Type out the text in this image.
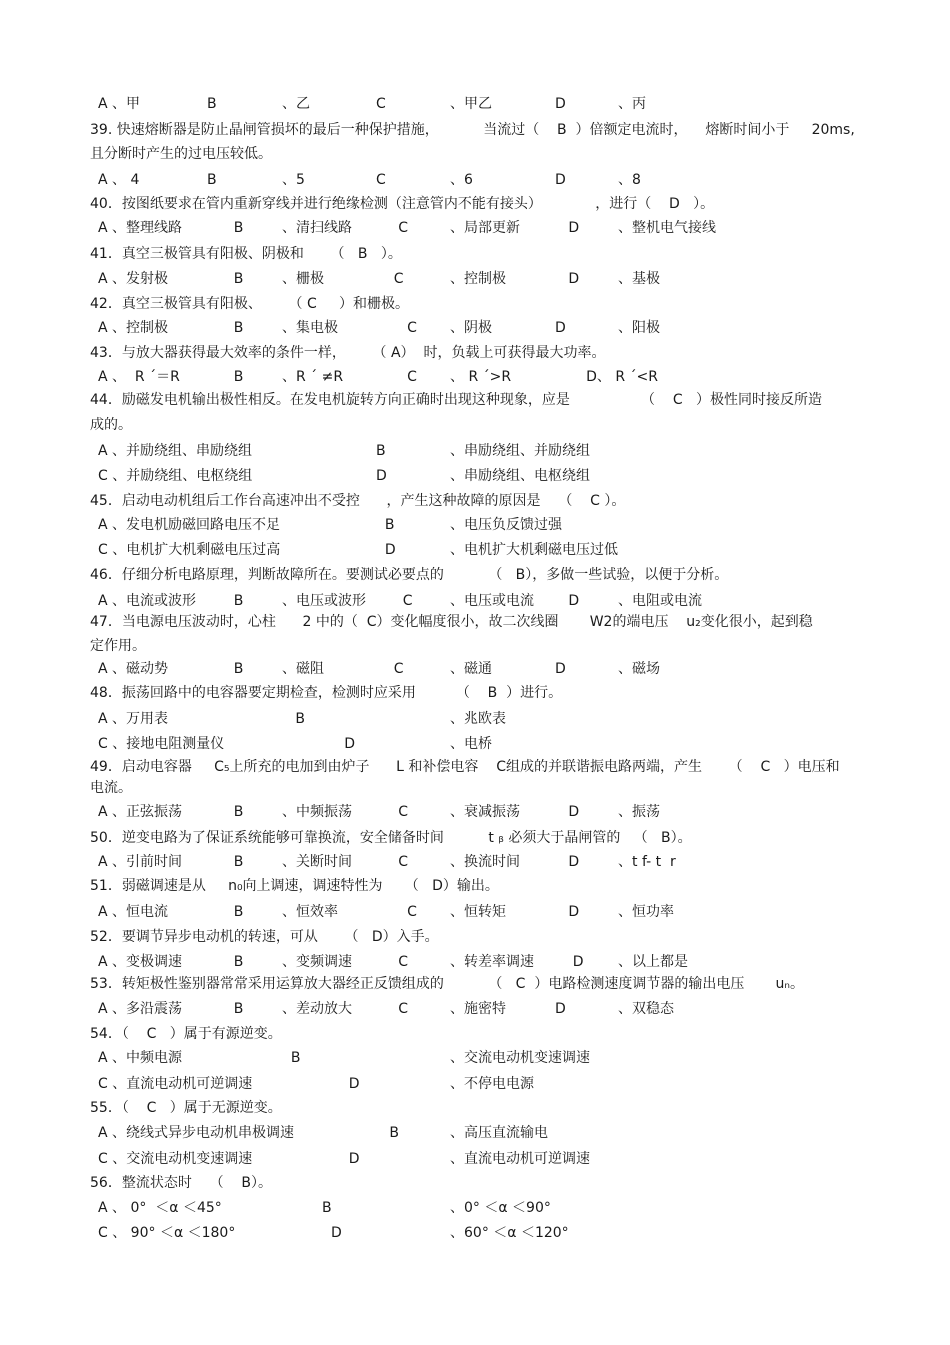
A 、甲	B	、乙	C	、甲乙	D	、丙
39. 快速熔断器是防止晶闸管损坏的最后一种保护措施，          当流过（    B  ）倍额定电流时，    熔断时间小于     20ms,
且分断时产生的过电压较低。
A 、 4	B	、5	C	、6	D	、8
40．按图纸要求在管内重新穿线并进行绝缘检测（注意管内不能有接头）            ，进行（    D   ）。
A 、整理线路 B	、清扫线路 C	、局部更新	D	、整机电气接线
41．真空三极管具有阳极、阴极和      （   B   ）。
A 、发射极	B	、栅极	C	、控制极	D	、基极
42．真空三极管具有阳极、      （ C     ）和栅极。
A 、控制极	B	、集电极	C 、阴极	D	、阳极
43．与放大器获得最大效率的条件一样，      （ A）  时，负载上可获得最大功率。
A 、  R ˊ＝R B	、R ˊ ≠R C 、 R ˊ>R	D、 R ˊ<R
44．励磁发电机输出极性相反。在发电机旋转方向正确时出现这种现象，应是                （    C   ）极性同时接反所造
成的。
A 、并励绕组、串励绕组	B	、串励绕组、并励绕组
C 、并励绕组、电枢绕组	D	、串励绕组、电枢绕组
45．启动电动机组后工作台高速冲出不受控      ，产生这种故障的原因是    （    C ）。
A 、发电机励磁回路电压不足	B	、电压负反馈过强
C 、电机扩大机剩磁电压过高	D	、电机扩大机剩磁电压过低
46．仔细分析电路原理，判断故障所在。要测试必要点的          （   B），多做一些试验，以便于分析。
A 、电流或波形 B	、电压或波形 C	、电压或电流 D	、电阻或电流
47．当电源电压波动时，心柱      2 中的（  C）变化幅度很小，故二次线圈       W2的端电压    u₂变化很小，起到稳
定作用。
A 、磁动势	B	、磁阻	C	、磁通	D	、磁场
48．振荡回路中的电容器要定期检查，检测时应采用         （    B  ）进行。
A 、万用表	B	、兆欧表
C 、接地电阻测量仪	D	、电桥
49．启动电容器     C₅上所充的电加到由炉子      L 和补偿电容    C组成的并联谐振电路两端，产生      （    C   ）电压和
电流。
A 、正弦振荡 B	、中频振荡 C	、衰减振荡	D	、振荡
50．逆变电路为了保证系统能够可靠换流，安全储备时间          t ᵦ 必须大于晶闸管的   （   B）。
A 、引前时间 B	、关断时间 C	、换流时间	D	、t f- t  r
51．弱磁调速是从     n₀向上调速，调速特性为     （   D）输出。
A 、恒电流	B	、恒效率	C 、恒转矩	D	、恒功率
52．要调节异步电动机的转速，可从      （   D）入手。
A 、变极调速 B	、变频调速 C	、转差率调速 D 、以上都是
53．转矩极性鉴别器常常采用运算放大器经正反馈组成的          （   C  ）电路检测速度调节器的输出电压       uₙ。
A 、多沿震荡 B	、差动放大 C	、施密特	D	、双稳态
54．（    C   ）属于有源逆变。
A 、中频电源	B	、交流电动机变速调速
C 、直流电动机可逆调速 D	、不停电电源
55．（    C   ）属于无源逆变。
A 、绕线式异步电动机串极调速	B	、高压直流输电
C 、交流电动机变速调速 D	、直流电动机可逆调速
56．整流状态时    （    B）。
A 、 0°  ＜α ＜45°	B	、0° ＜α ＜90°
C 、 90° ＜α ＜180°	D	、60° ＜α ＜120°
